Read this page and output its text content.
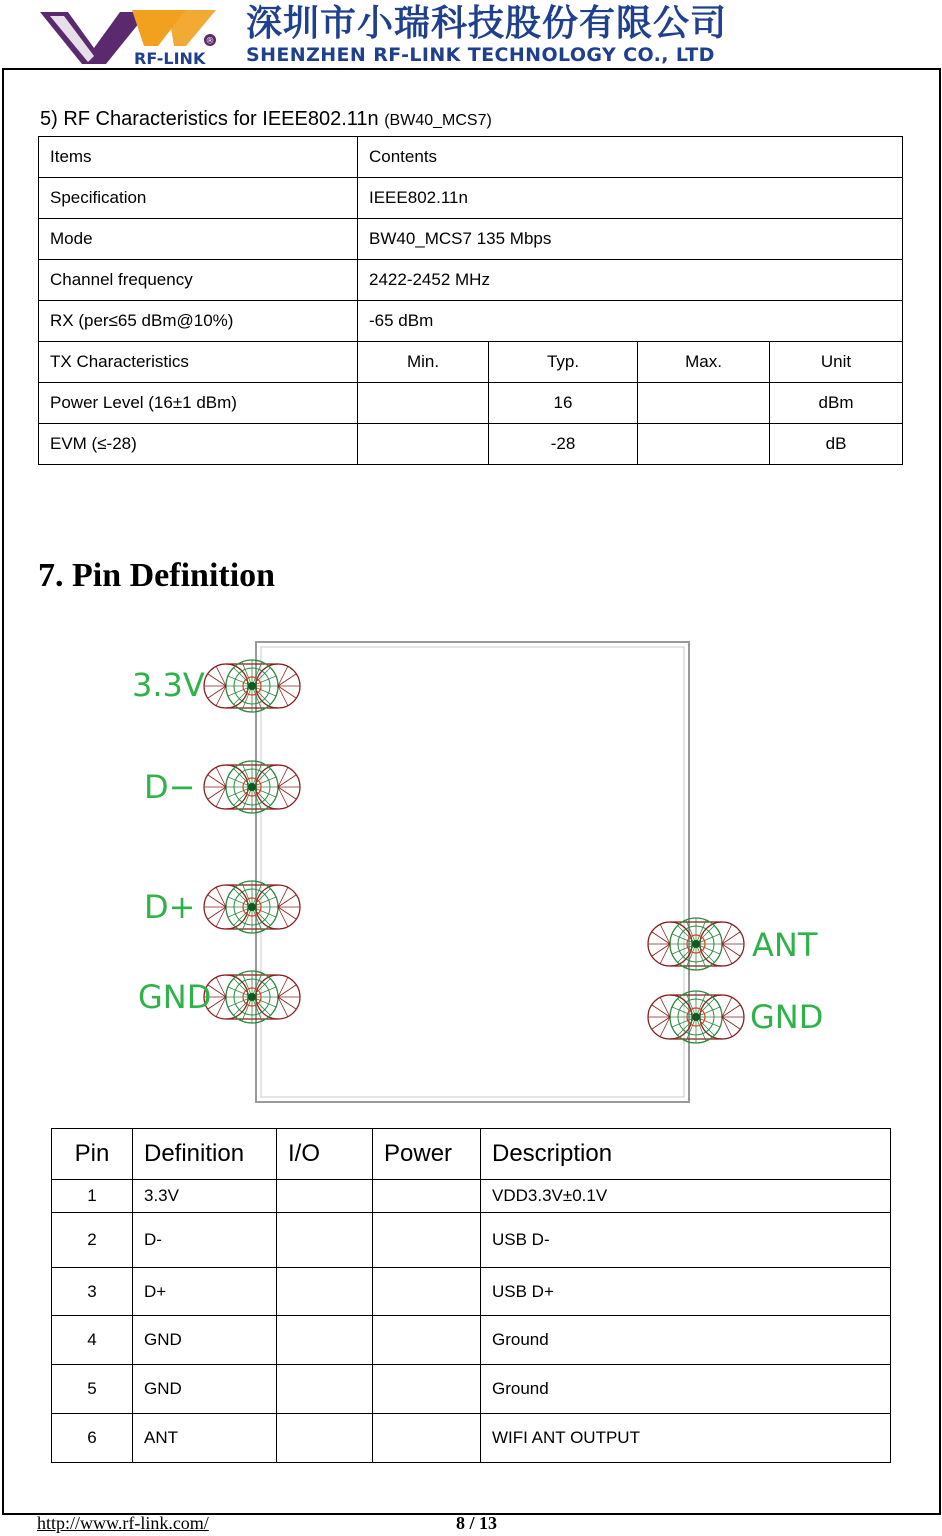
®
RF-LINK
深圳市小瑞科技股份有限公司
SHENZHEN RF-LINK TECHNOLOGY CO., LTD
5) RF Characteristics for IEEE802.11n (BW40_MCS7)
Items	Contents			
Specification	IEEE802.11n			
Mode	BW40_MCS7 135 Mbps			
Channel frequency	2422-2452 MHz			
RX (per≤65 dBm@10%)	-65 dBm			
TX Characteristics	Min.	Typ.	Max.	Unit
Power Level (16±1 dBm)		16		dBm
EVM (≤-28)		-28		dB
7. Pin Definition
3.3V
D−
D+
GND
ANT
GND
Pin	Definition	I/O	Power	Description
1	3.3V			VDD3.3V±0.1V
2	D-			USB D-
3	D+			USB D+
4	GND			Ground
5	GND			Ground
6	ANT			WIFI ANT OUTPUT
http://www.rf-link.com/	8 / 13
